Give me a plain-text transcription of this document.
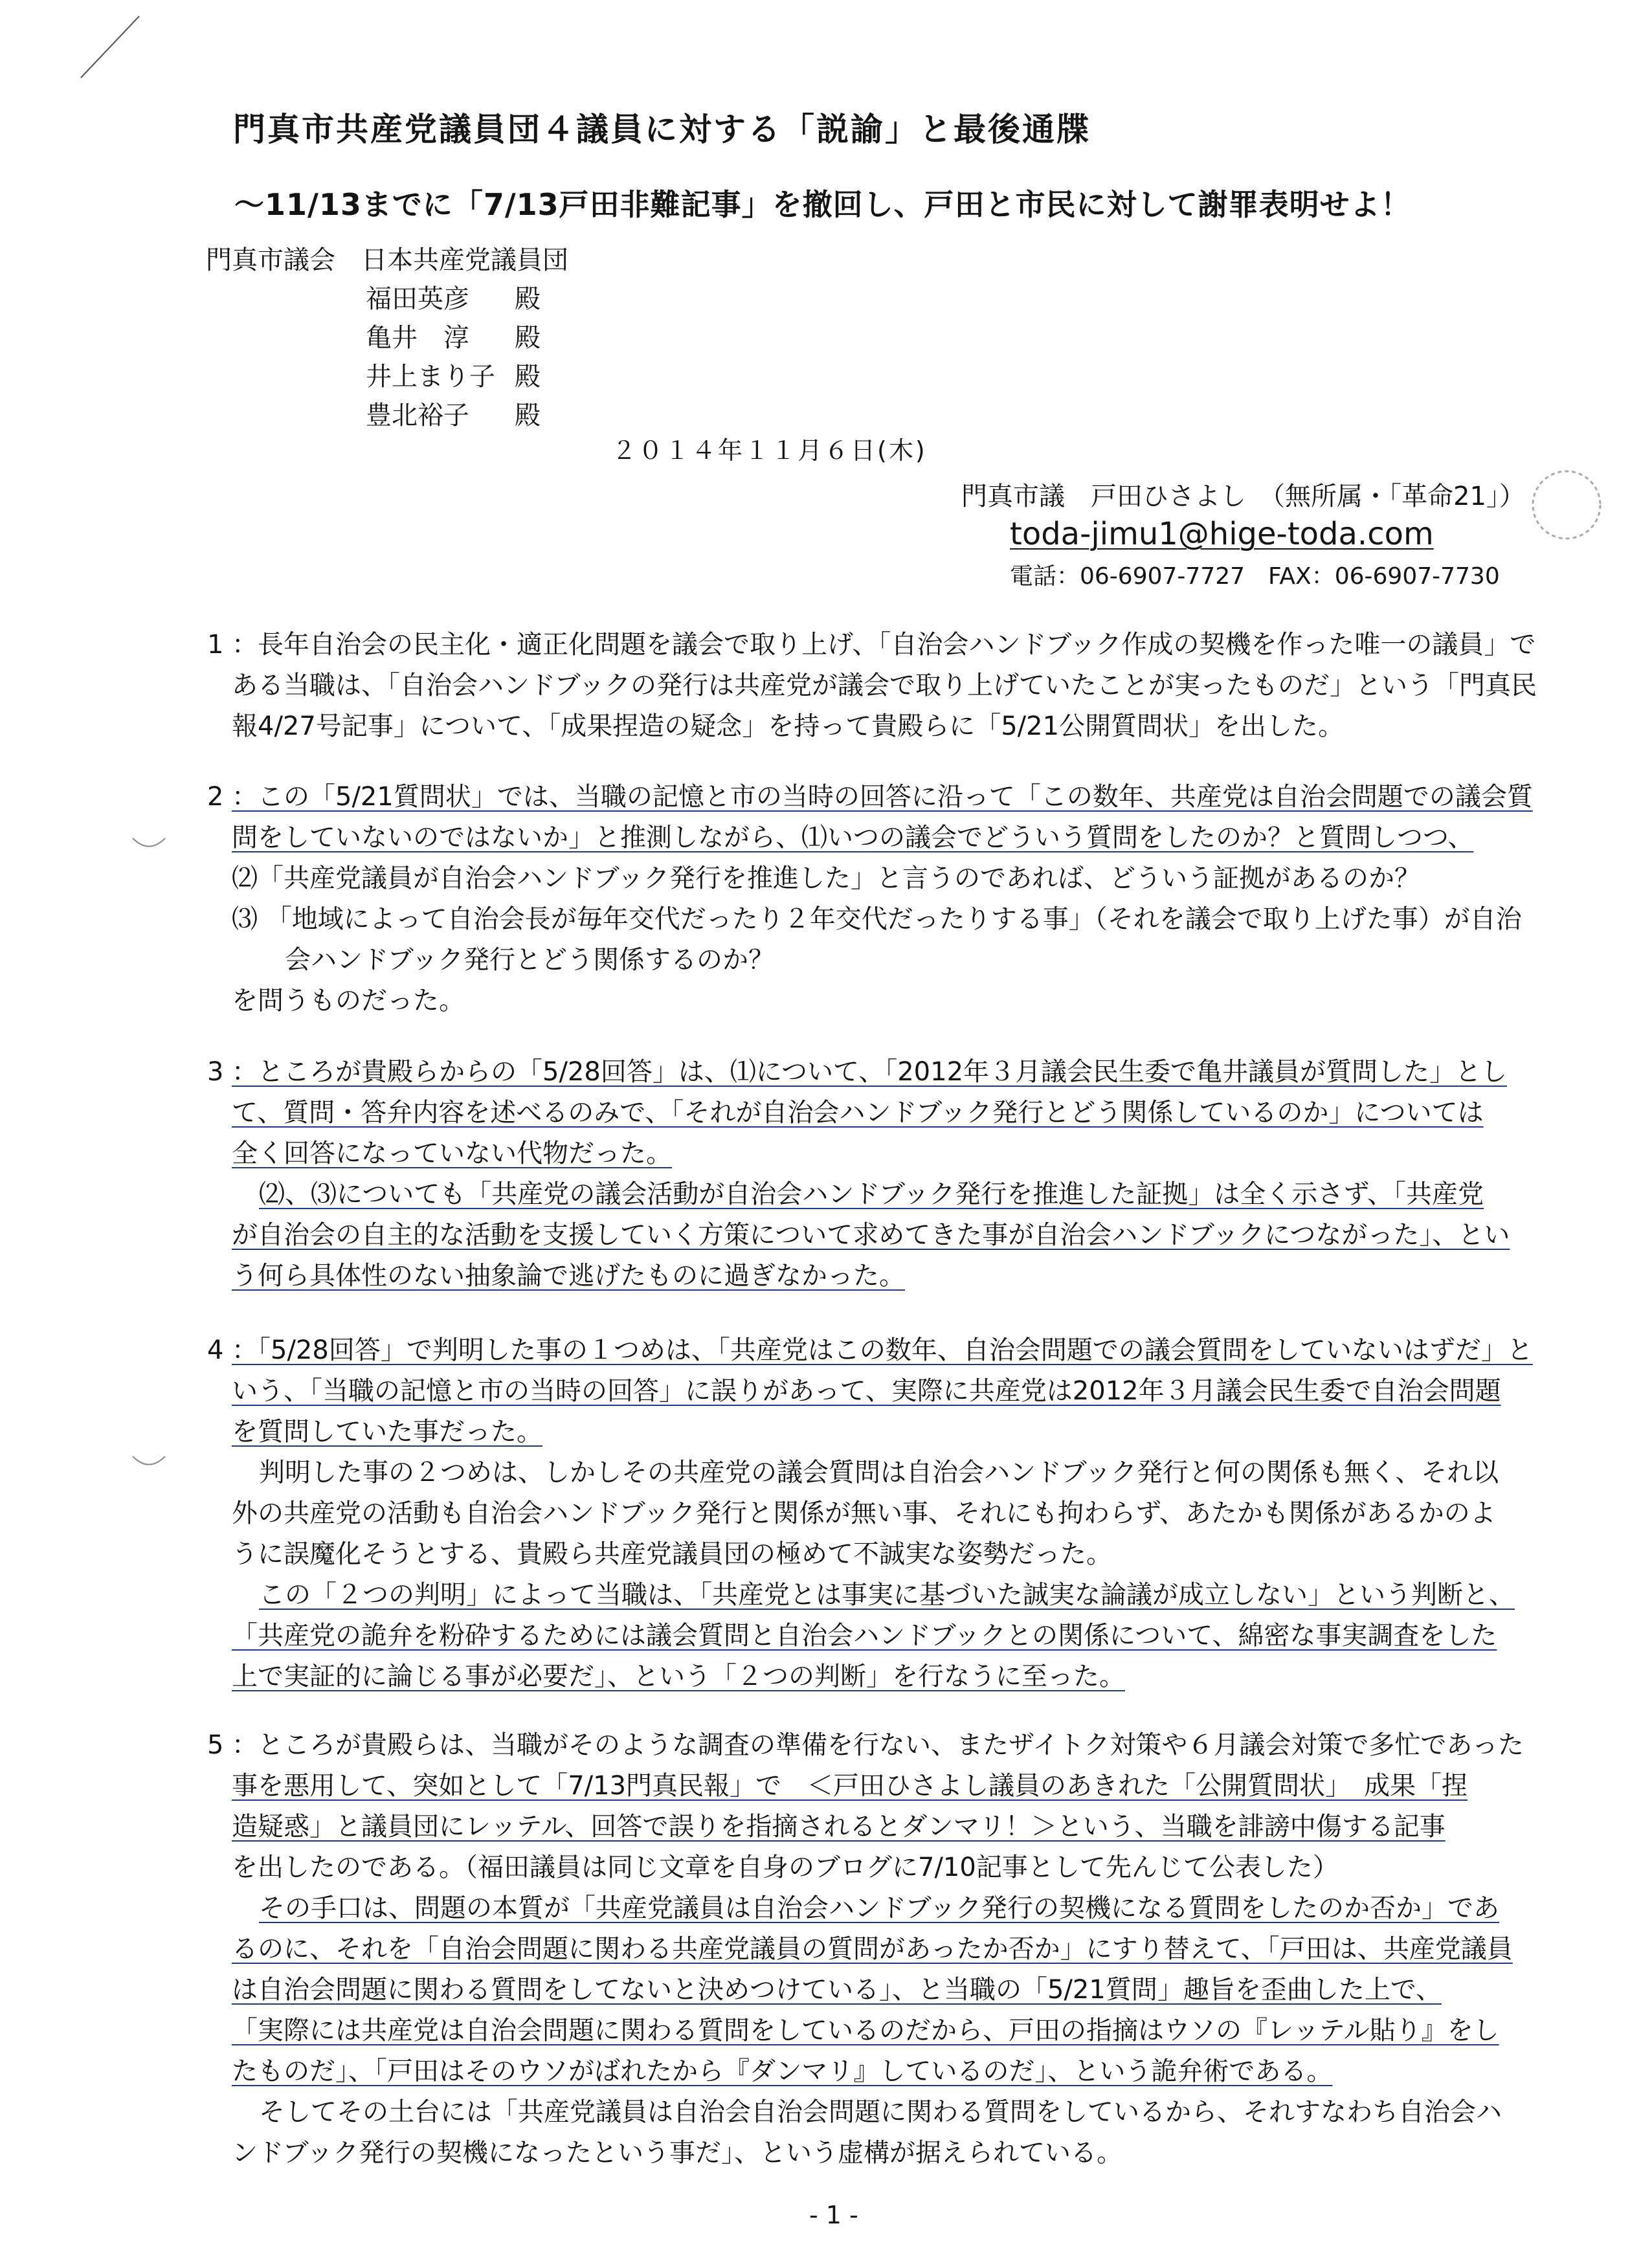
門真市共産党議員団４議員に対する「説諭」と最後通牒
～11/13までに「7/13戸田非難記事」を撤回し、戸田と市民に対して謝罪表明せよ！
門真市議会　日本共産党議員団
福田英彦 殿
亀井　淳 殿
井上まり子 殿
豊北裕子 殿
２０１４年１１月６日(木)
門真市議　戸田ひさよし　（無所属・「革命21」）
toda-jimu1@hige-toda.com
電話：06-6907-7727　FAX：06-6907-7730

1 ：長年自治会の民主化・適正化問題を議会で取り上げ、「自治会ハンドブック作成の契機を作った唯一の議員」で

ある当職は、「自治会ハンドブックの発行は共産党が議会で取り上げていたことが実ったものだ」という「門真民

報4/27号記事」について、「成果捏造の疑念」を持って貴殿らに「5/21公開質問状」を出した。

2 ：この「5/21質問状」では、当職の記憶と市の当時の回答に沿って「この数年、共産党は自治会問題での議会質

問をしていないのではないか」と推測しながら、⑴いつの議会でどういう質問をしたのか？と質問しつつ、

⑵「共産党議員が自治会ハンドブック発行を推進した」と言うのであれば、どういう証拠があるのか？

⑶ 「地域によって自治会長が毎年交代だったり２年交代だったりする事」（それを議会で取り上げた事）が自治

会ハンドブック発行とどう関係するのか？

を問うものだった。

3 ：ところが貴殿らからの「5/28回答」は、⑴について、「2012年３月議会民生委で亀井議員が質問した」とし

て、質問・答弁内容を述べるのみで、「それが自治会ハンドブック発行とどう関係しているのか」については

全く回答になっていない代物だった。

⑵、⑶についても「共産党の議会活動が自治会ハンドブック発行を推進した証拠」は全く示さず、「共産党

が自治会の自主的な活動を支援していく方策について求めてきた事が自治会ハンドブックにつながった」、とい

う何ら具体性のない抽象論で逃げたものに過ぎなかった。

4 ：「5/28回答」で判明した事の１つめは、「共産党はこの数年、自治会問題での議会質問をしていないはずだ」と

いう、「当職の記憶と市の当時の回答」に誤りがあって、実際に共産党は2012年３月議会民生委で自治会問題

を質問していた事だった。

判明した事の２つめは、しかしその共産党の議会質問は自治会ハンドブック発行と何の関係も無く、それ以

外の共産党の活動も自治会ハンドブック発行と関係が無い事、それにも拘わらず、あたかも関係があるかのよ

うに誤魔化そうとする、貴殿ら共産党議員団の極めて不誠実な姿勢だった。

この「２つの判明」によって当職は、「共産党とは事実に基づいた誠実な論議が成立しない」という判断と、

「共産党の詭弁を粉砕するためには議会質問と自治会ハンドブックとの関係について、綿密な事実調査をした

上で実証的に論じる事が必要だ」、という「２つの判断」を行なうに至った。

5 ：ところが貴殿らは、当職がそのような調査の準備を行ない、またザイトク対策や６月議会対策で多忙であった

事を悪用して、突如として「7/13門真民報」で　＜戸田ひさよし議員のあきれた「公開質問状」　成果「捏

造疑惑」と議員団にレッテル、回答で誤りを指摘されるとダンマリ！＞という、当職を誹謗中傷する記事

を出したのである。（福田議員は同じ文章を自身のブログに7/10記事として先んじて公表した）

その手口は、問題の本質が「共産党議員は自治会ハンドブック発行の契機になる質問をしたのか否か」であ

るのに、それを「自治会問題に関わる共産党議員の質問があったか否か」にすり替えて、「戸田は、共産党議員

は自治会問題に関わる質問をしてないと決めつけている」、と当職の「5/21質問」趣旨を歪曲した上で、

「実際には共産党は自治会問題に関わる質問をしているのだから、戸田の指摘はウソの『レッテル貼り』をし

たものだ」、「戸田はそのウソがばれたから『ダンマリ』しているのだ」、という詭弁術である。

そしてその土台には「共産党議員は自治会自治会問題に関わる質問をしているから、それすなわち自治会ハ

ンドブック発行の契機になったという事だ」、という虚構が据えられている。

- 1 -
